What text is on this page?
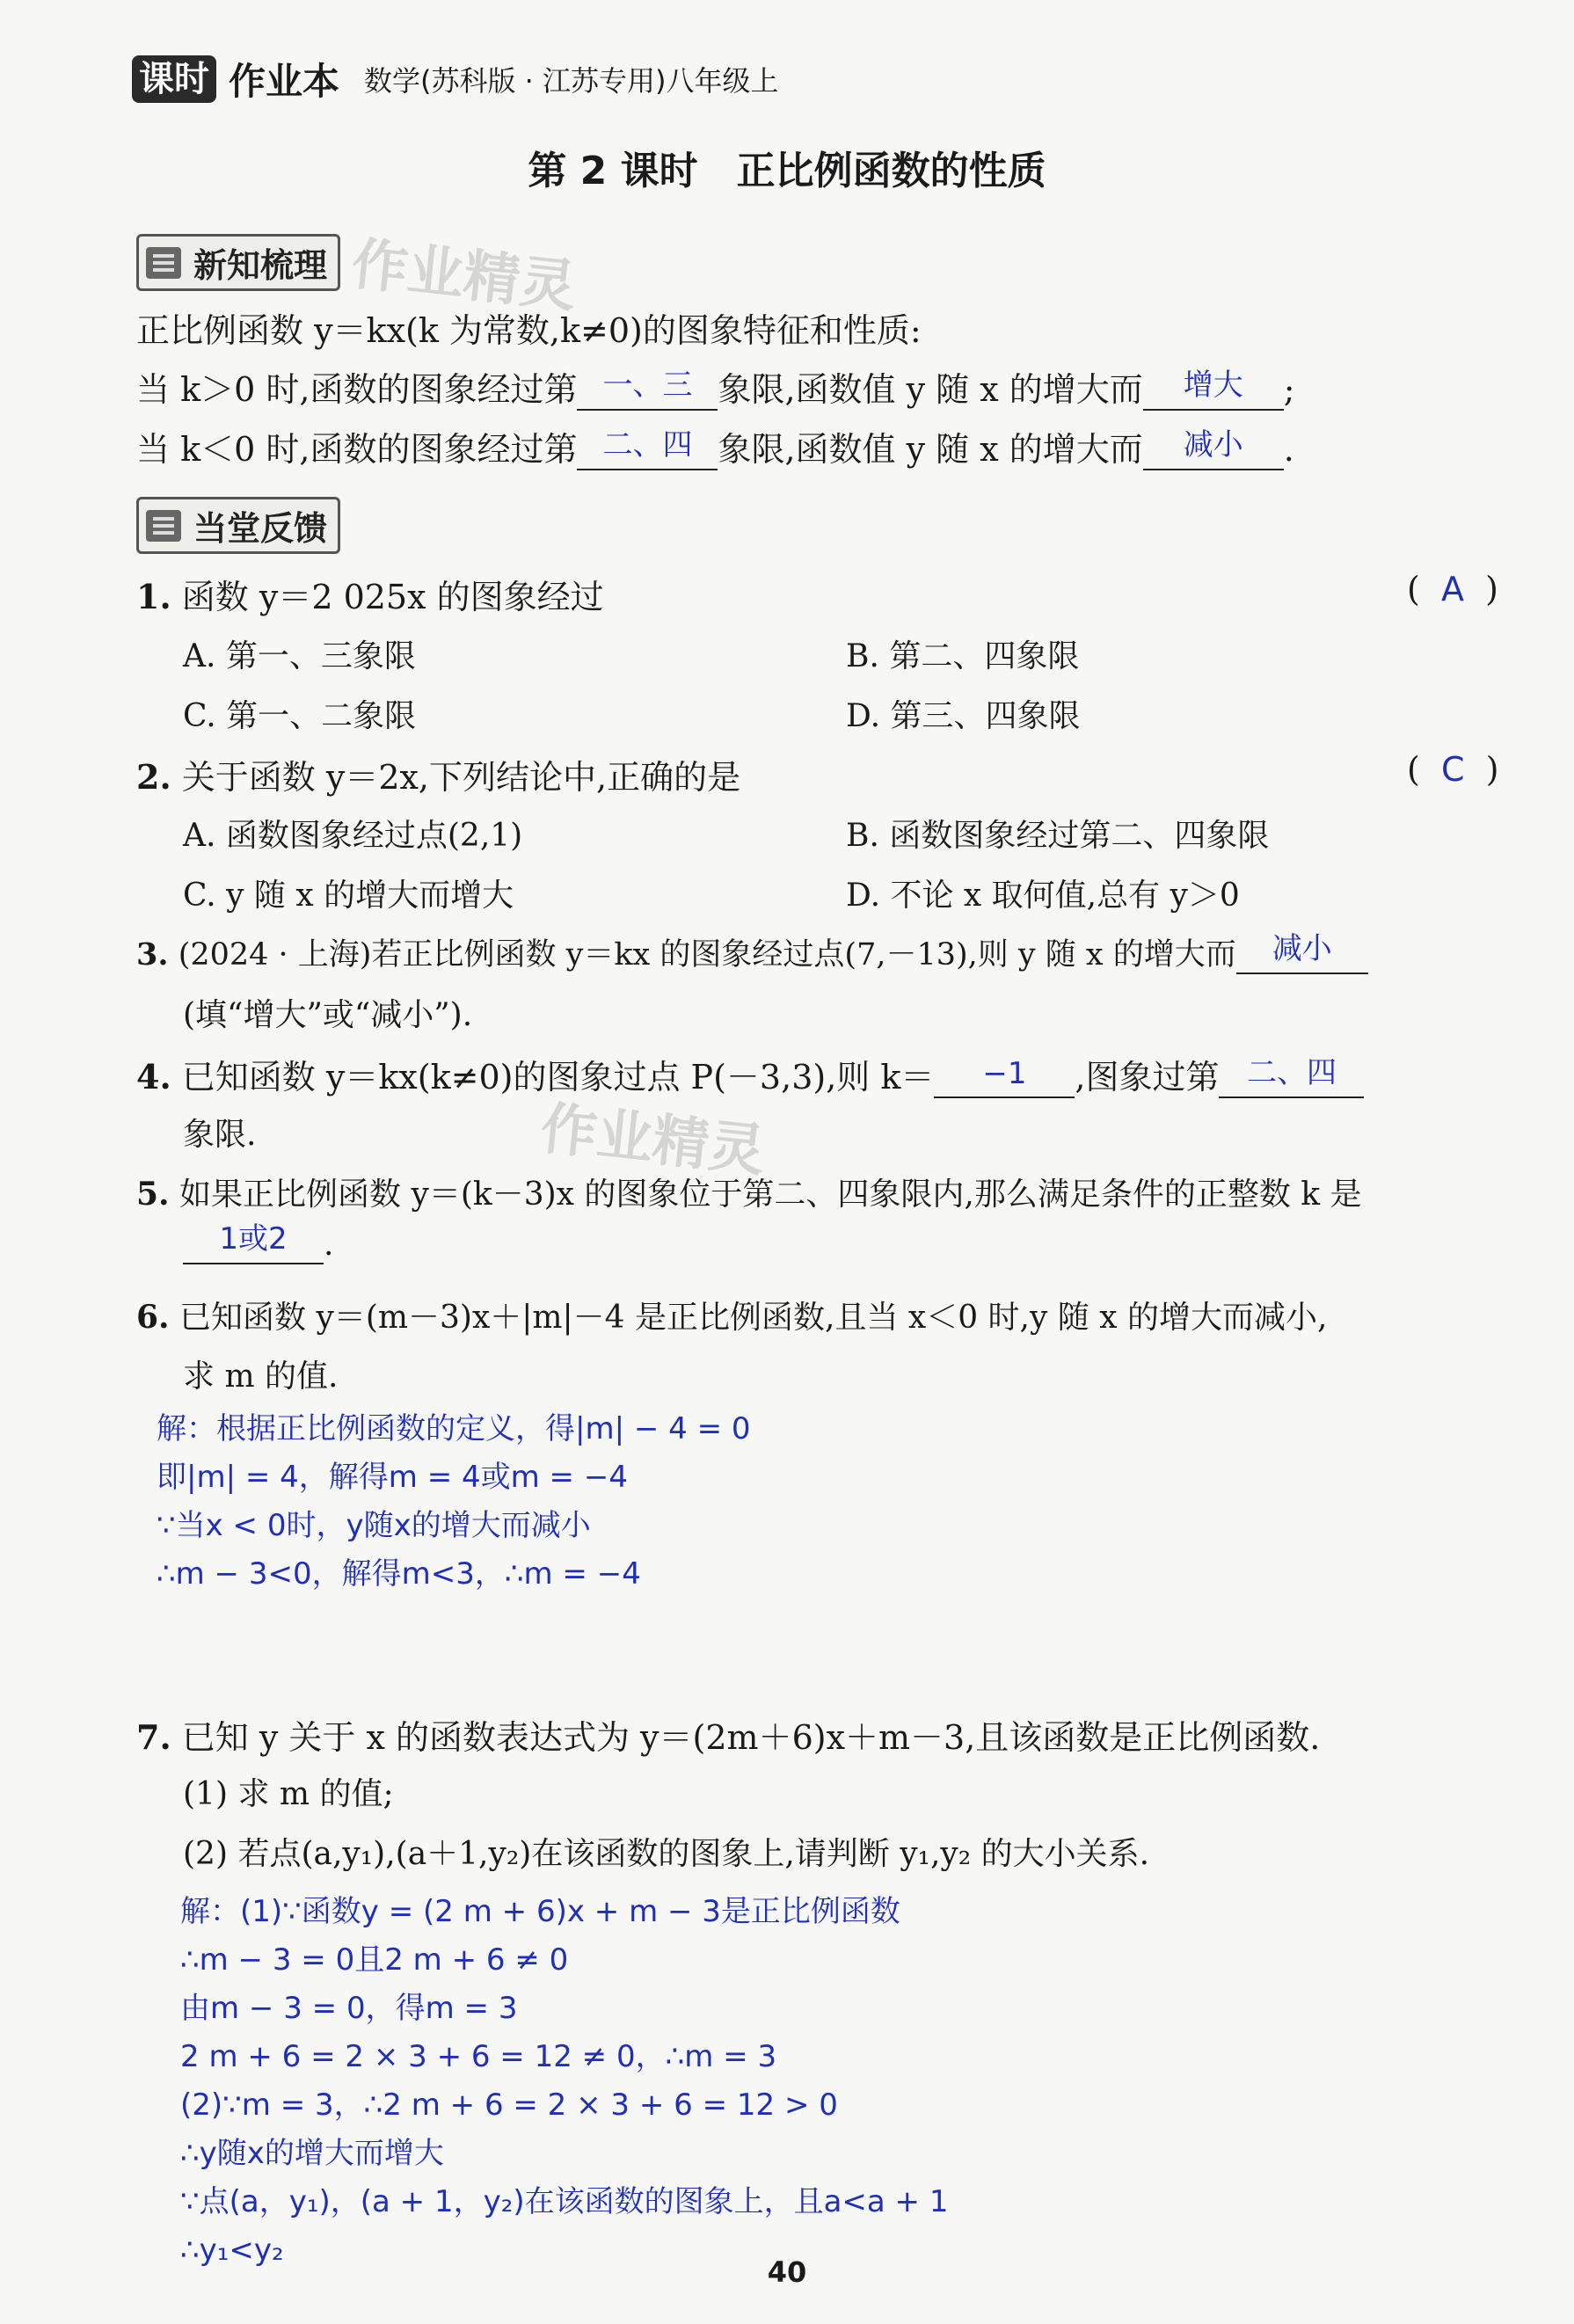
课时 作业本 数学(苏科版 · 江苏专用)八年级上
第 2 课时　正比例函数的性质
新知梳理 作业精灵
正比例函数 y＝kx(k 为常数,k≠0)的图象特征和性质:
当 k＞0 时,函数的图象经过第 一、三 象限,函数值 y 随 x 的增大而	增大	;
当 k＜0 时,函数的图象经过第 二、四 象限,函数值 y 随 x 的增大而	减小	.
当堂反馈
1. 函数 y＝2 025x 的图象经过	( A )
A. 第一、三象限	B. 第二、四象限
C. 第一、二象限	D. 第三、四象限
2. 关于函数 y＝2x,下列结论中,正确的是	( C )
A. 函数图象经过点(2,1)	B. 函数图象经过第二、四象限
C. y 随 x 的增大而增大	D. 不论 x 取何值,总有 y＞0
3. (2024 · 上海)若正比例函数 y＝kx 的图象经过点(7,－13),则 y 随 x 的增大而	减小

(填“增大”或“减小”).
4. 已知函数 y＝kx(k≠0)的图象过点 P(－3,3),则 k＝	−1	,图象过第 二、四

象限.	作业精灵
5. 如果正比例函数 y＝(k－3)x 的图象位于第二、四象限内,那么满足条件的正整数 k 是
1或2	.
6. 已知函数 y＝(m－3)x＋|m|－4 是正比例函数,且当 x＜0 时,y 随 x 的增大而减小,
求 m 的值.
解：根据正比例函数的定义，得|m| − 4 = 0
即|m| = 4，解得m = 4或m = −4
∵当x < 0时，y随x的增大而减小
∴m − 3<0，解得m<3，∴m = −4
7. 已知 y 关于 x 的函数表达式为 y＝(2m＋6)x＋m－3,且该函数是正比例函数.
(1) 求 m 的值;
(2) 若点(a,y₁),(a＋1,y₂)在该函数的图象上,请判断 y₁,y₂ 的大小关系.
解：(1)∵函数y = (2 m + 6)x + m − 3是正比例函数
∴m − 3 = 0且2 m + 6 ≠ 0
由m − 3 = 0，得m = 3
2 m + 6 = 2 × 3 + 6 = 12 ≠ 0，∴m = 3
(2)∵m = 3，∴2 m + 6 = 2 × 3 + 6 = 12 > 0
∴y随x的增大而增大
∵点(a，y₁)，(a + 1，y₂)在该函数的图象上，且a<a + 1
∴y₁<y₂
40
